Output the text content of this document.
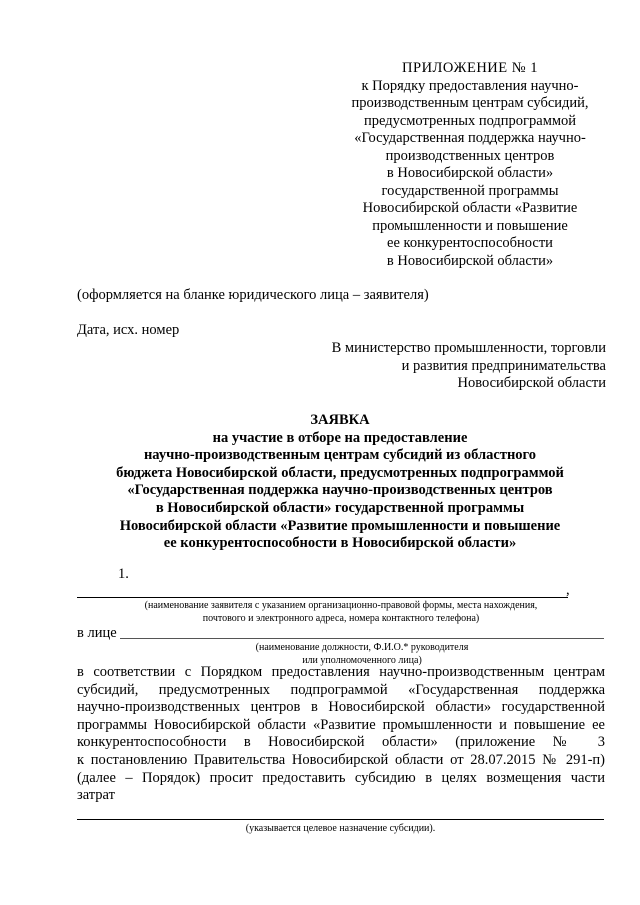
ПРИЛОЖЕНИЕ № 1
к Порядку предоставления научно-
производственным центрам субсидий,
предусмотренных подпрограммой
«Государственная поддержка научно-
производственных центров
в Новосибирской области»
государственной программы
Новосибирской области «Развитие
промышленности и повышение
ее конкурентоспособности
в Новосибирской области»
(оформляется на бланке юридического лица – заявителя)
Дата, исх. номер
В министерство промышленности, торговли
и развития предпринимательства
Новосибирской области
ЗАЯВКА
на участие в отборе на предоставление
научно-производственным центрам субсидий из областного
бюджета Новосибирской области, предусмотренных подпрограммой
«Государственная поддержка научно-производственных центров
в Новосибирской области» государственной программы
Новосибирской области «Развитие промышленности и повышение
ее конкурентоспособности в Новосибирской области»
1.
,
(наименование заявителя с указанием организационно-правовой формы, места нахождения,
почтового и электронного адреса, номера контактного телефона)
в лице
(наименование должности, Ф.И.О.* руководителя
или уполномоченного лица)
в соответствии с Порядком предоставления научно-производственным центрам
субсидий, предусмотренных подпрограммой «Государственная поддержка
научно-производственных центров в Новосибирской области» государственной
программы Новосибирской области «Развитие промышленности и повышение ее
конкурентоспособности в Новосибирской области» (приложение № 3
к постановлению Правительства Новосибирской области от 28.07.2015 № 291-п)
(далее – Порядок) просит предоставить субсидию в целях возмещения части
затрат
(указывается целевое назначение субсидии).
